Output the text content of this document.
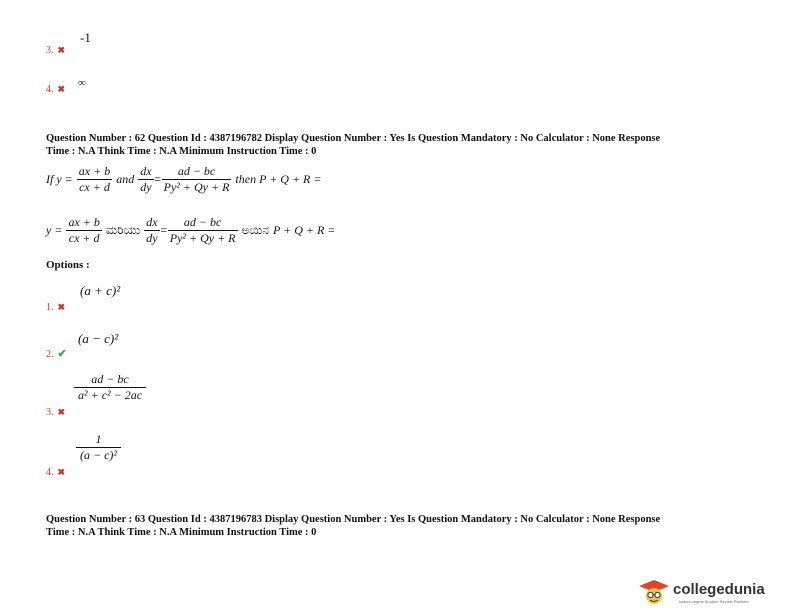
3. ✖
-1
4. ✖ ∞
Question Number : 62 Question Id : 4387196782 Display Question Number : Yes Is Question Mandatory : No Calculator : None Response
Time : N.A Think Time : N.A Minimum Instruction Time : 0
If $y = \frac{ax + b}{cx + d}$ and $\frac{dx}{dy} = \frac{ad - bc}{\text{Py² + Qy + R}}$ then P + Q + R =
$y = \frac{ax + b}{cx + d}$ ಮರಿಯು $\frac{dx}{dy} = \frac{ad - bc}{\text{Py² + Qy + R}}$ ಅಯಿನ P + Q + R =
Options :
1. ✖
(a + c)²
2. ✔
(a − c)²
3. ✖
$\frac{ad - bc}{\text{a² + c² − 2ac}}$
4. ✖
$\frac{1}{\text{(a − c)²}}$
Question Number : 63 Question Id : 4387196783 Display Question Number : Yes Is Question Mandatory : No Calculator : None Response
Time : N.A Think Time : N.A Minimum Instruction Time : 0
collegedunia
India's largest Student Review Platform
